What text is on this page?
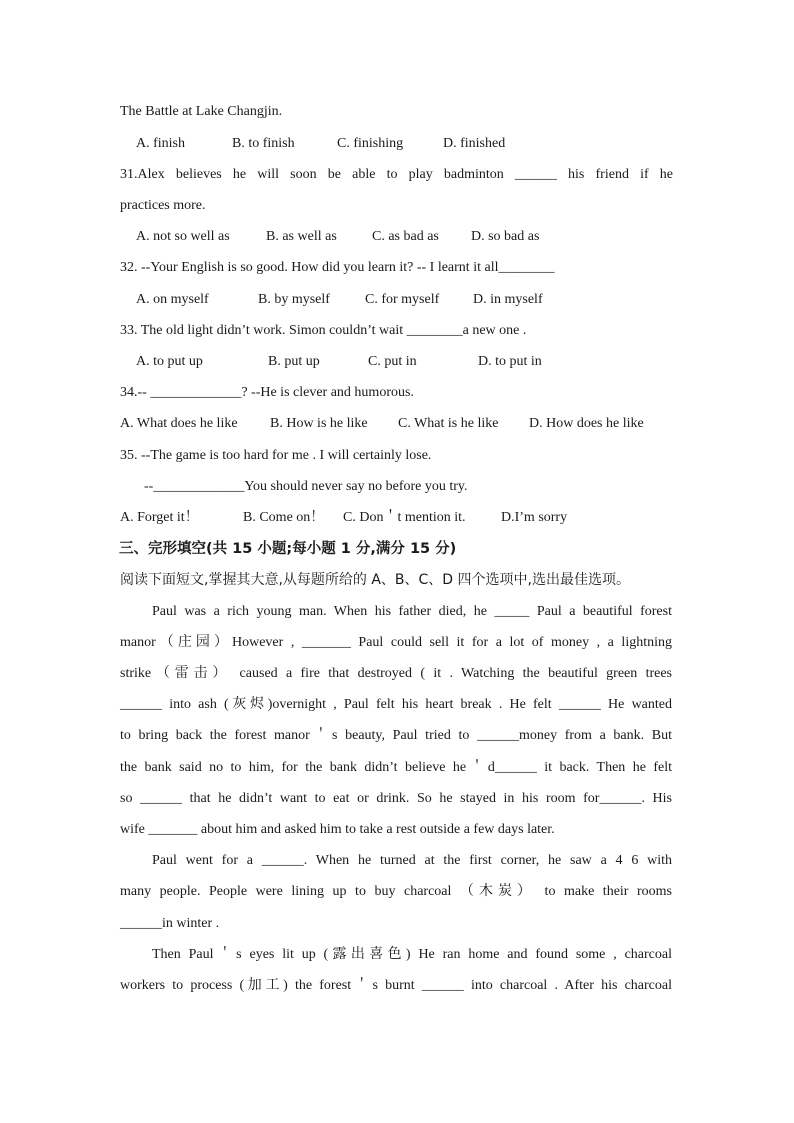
The Battle at Lake Changjin.
A. finish	B. to finish	C. finishing	D. finished
31.Alex believes he will soon be able to play badminton ______ his friend if he
practices more.
A. not so well as	B. as well as	C. as bad as D. so bad as
32. --Your English is so good. How did you learn it? -- I learnt it all________
A. on myself	B. by myself	C. for myself D. in myself
33. The old light didn’t work. Simon couldn’t wait ________a new one .
A. to put up	B. put up	C. put in	D. to put in
34.-- _____________? --He is clever and humorous.
A. What does he like B. How is he like C. What is he like D. How does he like
35. --The game is too hard for me . I will certainly lose.
--_____________You should never say no before you try.
A. Forget it！	B. Come on！ C. Don＇t mention it.	D.I’m sorry
三、完形填空(共 15 小题;每小题 1 分,满分 15 分)
阅读下面短文,掌握其大意,从每题所给的 A、B、C、D 四个选项中,选出最佳选项。
Paul was a rich young man. When his father died, he _____ Paul a beautiful forest
manor（庄园）However , _______ Paul could sell it for a lot of money , a lightning
strike（雷击） caused a fire that destroyed ( it . Watching the beautiful green trees
______ into ash (灰烬)overnight , Paul felt his heart break . He felt ______ He wanted
to bring back the forest manor＇s beauty, Paul tried to ______money from a bank. But
the bank said no to him, for the bank didn’t believe he＇d______ it back. Then he felt
so ______ that he didn’t want to eat or drink. So he stayed in his room for______. His
wife _______ about him and asked him to take a rest outside a few days later.
Paul went for a ______. When he turned at the first corner, he saw a 4 6 with
many people. People were lining up to buy charcoal （木炭） to make their rooms
______in winter .
Then Paul＇s eyes lit up (露出喜色) He ran home and found some , charcoal
workers to process (加工) the forest＇s burnt ______ into charcoal . After his charcoal
